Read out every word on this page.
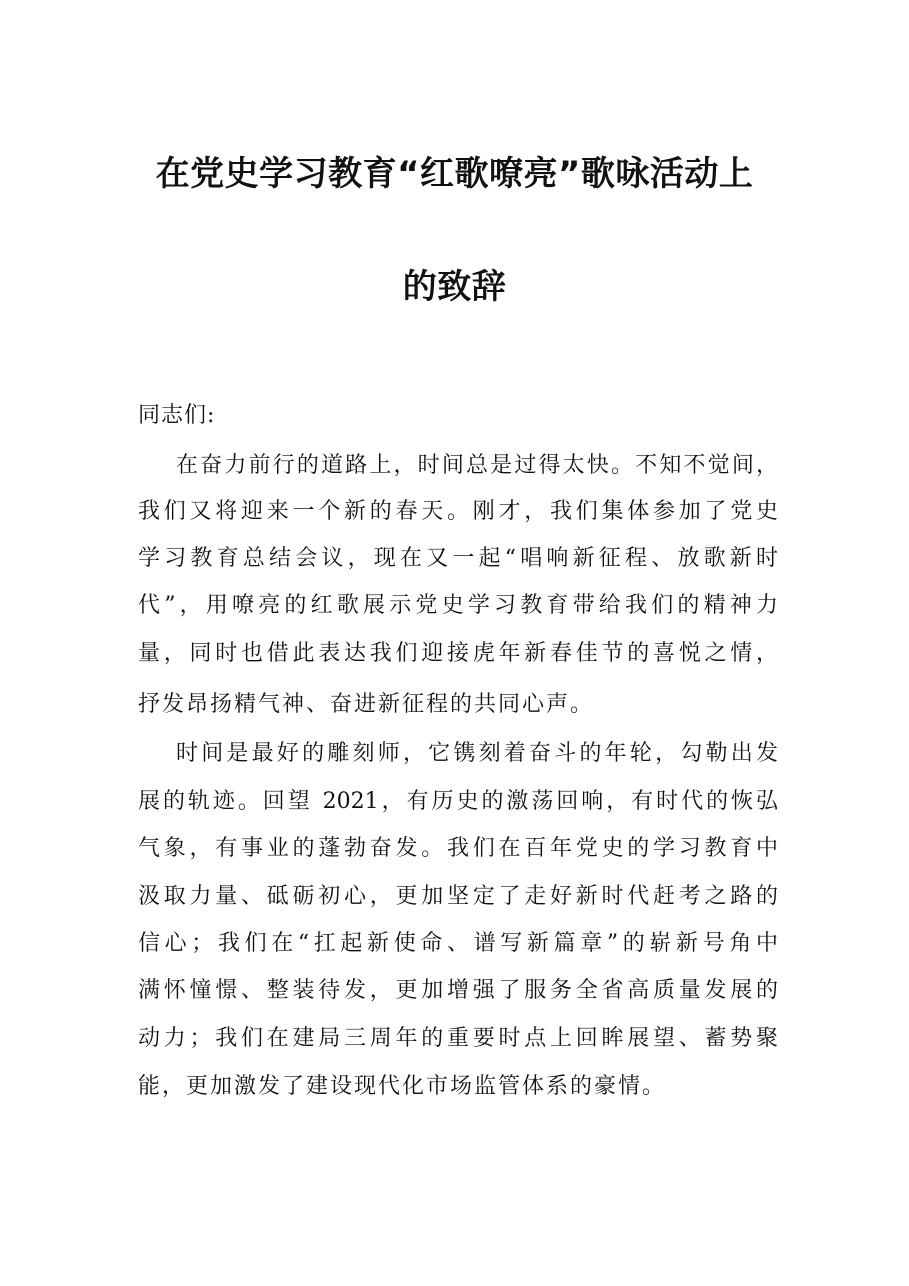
在党史学习教育“红歌嘹亮”歌咏活动上
的致辞
同志们:
在奋力前行的道路上，时间总是过得太快。不知不觉间，
我们又将迎来一个新的春天。刚才，我们集体参加了党史
学习教育总结会议，现在又一起“唱响新征程、放歌新时
代”，用嘹亮的红歌展示党史学习教育带给我们的精神力
量，同时也借此表达我们迎接虎年新春佳节的喜悦之情，
抒发昂扬精气神、奋进新征程的共同心声。
时间是最好的雕刻师，它镌刻着奋斗的年轮，勾勒出发
展的轨迹。回望 2021，有历史的激荡回响，有时代的恢弘
气象，有事业的蓬勃奋发。我们在百年党史的学习教育中
汲取力量、砥砺初心，更加坚定了走好新时代赶考之路的
信心；我们在“扛起新使命、谱写新篇章”的崭新号角中
满怀憧憬、整装待发，更加增强了服务全省高质量发展的
动力；我们在建局三周年的重要时点上回眸展望、蓄势聚
能，更加激发了建设现代化市场监管体系的豪情。
